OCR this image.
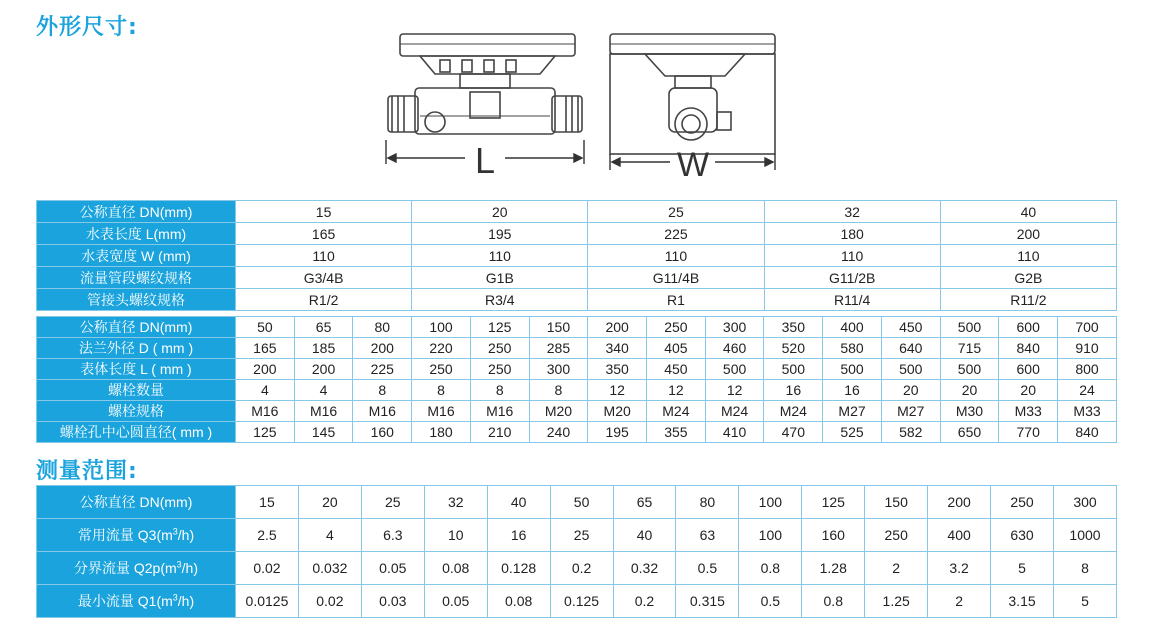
外形尺寸:
L	W
公称直径 DN(mm)	15	20	25	32	40
水表长度 L(mm)	165	195	225	180	200
水表宽度 W (mm)	110	110	110	110	110
流量管段螺纹规格	G3/4B	G1B	G11/4B	G11/2B	G2B
管接头螺纹规格	R1/2	R3/4	R1	R11/4	R11/2
公称直径 DN(mm)	50	65	80	100	125	150	200	250	300	350	400	450	500	600	700
法兰外径 D ( mm )	165	185	200	220	250	285	340	405	460	520	580	640	715	840	910
表体长度 L ( mm )	200	200	225	250	250	300	350	450	500	500	500	500	500	600	800
螺栓数量	4	4	8	8	8	8	12	12	12	16	16	20	20	20	24
螺栓规格	M16	M16	M16	M16	M16	M20	M20	M24	M24	M24	M27	M27	M30	M33	M33
螺栓孔中心圆直径( mm )	125	145	160	180	210	240	195	355	410	470	525	582	650	770	840
测量范围:
公称直径 DN(mm)	15	20	25	32	40	50	65	80	100	125	150	200	250	300
常用流量 $Q3(m^3/h)$	2.5	4	6.3	10	16	25	40	63	100	160	250	400	630	1000
分界流量 $Q2p(m^3/h)$	0.02	0.032	0.05	0.08	0.128	0.2	0.32	0.5	0.8	1.28	2	3.2	5	8
最小流量 $Q1(m^3/h)$	0.0125	0.02	0.03	0.05	0.08	0.125	0.2	0.315	0.5	0.8	1.25	2	3.15	5
